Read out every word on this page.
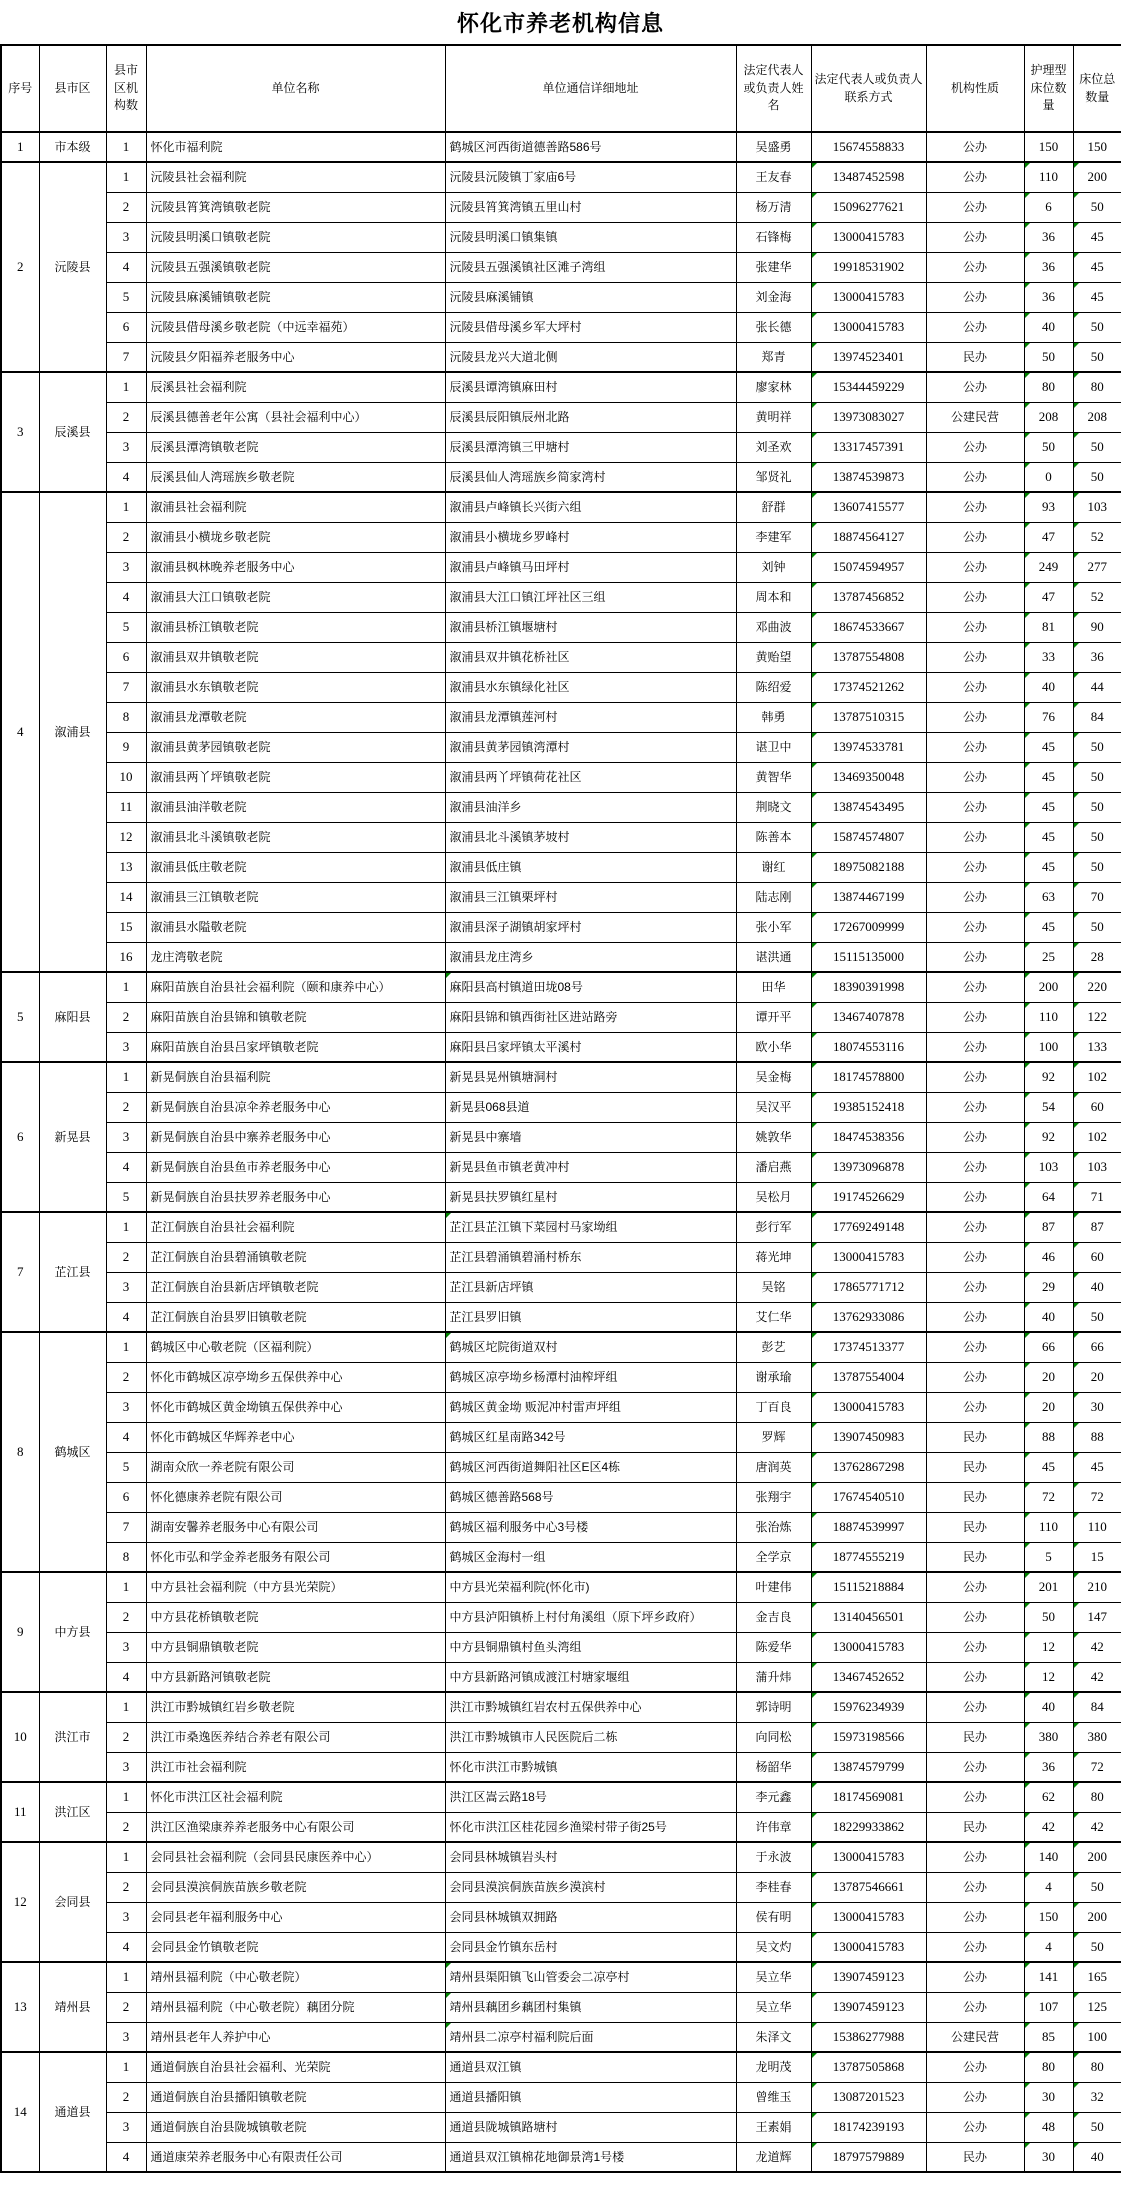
怀化市养老机构信息
序号	县市区	县市区机构数	单位名称	单位通信详细地址	法定代表人或负责人姓名	法定代表人或负责人联系方式	机构性质	护理型床位数量	床位总数量
1	市本级	1	怀化市福利院	鹤城区河西街道德善路586号	吴盛勇	15674558833	公办	150	150
2	沅陵县	1	沅陵县社会福利院	沅陵县沅陵镇丁家庙6号	王友春	13487452598	公办	110	200
		2	沅陵县筲箕湾镇敬老院	沅陵县筲箕湾镇五里山村	杨万清	15096277621	公办	6	50
		3	沅陵县明溪口镇敬老院	沅陵县明溪口镇集镇	石锋梅	13000415783	公办	36	45
		4	沅陵县五强溪镇敬老院	沅陵县五强溪镇社区滩子湾组	张建华	19918531902	公办	36	45
		5	沅陵县麻溪铺镇敬老院	沅陵县麻溪铺镇	刘金海	13000415783	公办	36	45
		6	沅陵县借母溪乡敬老院（中远幸福苑）	沅陵县借母溪乡军大坪村	张长德	13000415783	公办	40	50
		7	沅陵县夕阳福养老服务中心	沅陵县龙兴大道北侧	郑青	13974523401	民办	50	50
3	辰溪县	1	辰溪县社会福利院	辰溪县谭湾镇麻田村	廖家林	15344459229	公办	80	80
		2	辰溪县德善老年公寓（县社会福利中心）	辰溪县辰阳镇辰州北路	黄明祥	13973083027	公建民营	208	208
		3	辰溪县潭湾镇敬老院	辰溪县潭湾镇三甲塘村	刘圣欢	13317457391	公办	50	50
		4	辰溪县仙人湾瑶族乡敬老院	辰溪县仙人湾瑶族乡简家湾村	邹贤礼	13874539873	公办	0	50
4	溆浦县	1	溆浦县社会福利院	溆浦县卢峰镇长兴街六组	舒群	13607415577	公办	93	103
		2	溆浦县小横垅乡敬老院	溆浦县小横垅乡罗峰村	李建军	18874564127	公办	47	52
		3	溆浦县枫林晚养老服务中心	溆浦县卢峰镇马田坪村	刘钟	15074594957	公办	249	277
		4	溆浦县大江口镇敬老院	溆浦县大江口镇江坪社区三组	周本和	13787456852	公办	47	52
		5	溆浦县桥江镇敬老院	溆浦县桥江镇堰塘村	邓曲波	18674533667	公办	81	90
		6	溆浦县双井镇敬老院	溆浦县双井镇花桥社区	黄贻望	13787554808	公办	33	36
		7	溆浦县水东镇敬老院	溆浦县水东镇绿化社区	陈绍爱	17374521262	公办	40	44
		8	溆浦县龙潭敬老院	溆浦县龙潭镇莲河村	韩勇	13787510315	公办	76	84
		9	溆浦县黄茅园镇敬老院	溆浦县黄茅园镇湾潭村	谌卫中	13974533781	公办	45	50
		10	溆浦县两丫坪镇敬老院	溆浦县两丫坪镇荷花社区	黄智华	13469350048	公办	45	50
		11	溆浦县油洋敬老院	溆浦县油洋乡	荆晓文	13874543495	公办	45	50
		12	溆浦县北斗溪镇敬老院	溆浦县北斗溪镇茅坡村	陈善本	15874574807	公办	45	50
		13	溆浦县低庄敬老院	溆浦县低庄镇	谢红	18975082188	公办	45	50
		14	溆浦县三江镇敬老院	溆浦县三江镇栗坪村	陆志刚	13874467199	公办	63	70
		15	溆浦县水隘敬老院	溆浦县深子湖镇胡家坪村	张小军	17267009999	公办	45	50
		16	龙庄湾敬老院	溆浦县龙庄湾乡	谌洪通	15115135000	公办	25	28
5	麻阳县	1	麻阳苗族自治县社会福利院（颐和康养中心）	麻阳县高村镇道田垅08号	田华	18390391998	公办	200	220
		2	麻阳苗族自治县锦和镇敬老院	麻阳县锦和镇西街社区进站路旁	谭开平	13467407878	公办	110	122
		3	麻阳苗族自治县吕家坪镇敬老院	麻阳县吕家坪镇太平溪村	欧小华	18074553116	公办	100	133
6	新晃县	1	新晃侗族自治县福利院	新晃县晃州镇塘洞村	吴金梅	18174578800	公办	92	102
		2	新晃侗族自治县凉伞养老服务中心	新晃县068县道	吴汉平	19385152418	公办	54	60
		3	新晃侗族自治县中寨养老服务中心	新晃县中寨墙	姚敦华	18474538356	公办	92	102
		4	新晃侗族自治县鱼市养老服务中心	新晃县鱼市镇老黄冲村	潘启燕	13973096878	公办	103	103
		5	新晃侗族自治县扶罗养老服务中心	新晃县扶罗镇红星村	吴松月	19174526629	公办	64	71
7	芷江县	1	芷江侗族自治县社会福利院	芷江县芷江镇下菜园村马家坳组	彭行军	17769249148	公办	87	87
		2	芷江侗族自治县碧涌镇敬老院	芷江县碧涌镇碧涌村桥东	蒋光坤	13000415783	公办	46	60
		3	芷江侗族自治县新店坪镇敬老院	芷江县新店坪镇	吴铭	17865771712	公办	29	40
		4	芷江侗族自治县罗旧镇敬老院	芷江县罗旧镇	艾仁华	13762933086	公办	40	50
8	鹤城区	1	鹤城区中心敬老院（区福利院）	鹤城区坨院街道双村	彭艺	17374513377	公办	66	66
		2	怀化市鹤城区凉亭坳乡五保供养中心	鹤城区凉亭坳乡杨潭村油榨坪组	谢承瑜	13787554004	公办	20	20
		3	怀化市鹤城区黄金坳镇五保供养中心	鹤城区黄金坳 贩泥冲村雷声坪组	丁百良	13000415783	公办	20	30
		4	怀化市鹤城区华辉养老中心	鹤城区红星南路342号	罗辉	13907450983	民办	88	88
		5	湖南众欣一养老院有限公司	鹤城区河西街道舞阳社区E区4栋	唐润英	13762867298	民办	45	45
		6	怀化德康养老院有限公司	鹤城区德善路568号	张翔宇	17674540510	民办	72	72
		7	湖南安馨养老服务中心有限公司	鹤城区福利服务中心3号楼	张治炼	18874539997	民办	110	110
		8	怀化市弘和学金养老服务有限公司	鹤城区金海村一组	全学京	18774555219	民办	5	15
9	中方县	1	中方县社会福利院（中方县光荣院）	中方县光荣福利院(怀化市)	叶建伟	15115218884	公办	201	210
		2	中方县花桥镇敬老院	中方县泸阳镇桥上村付角溪组（原下坪乡政府）	金吉良	13140456501	公办	50	147
		3	中方县铜鼎镇敬老院	中方县铜鼎镇村鱼头湾组	陈爱华	13000415783	公办	12	42
		4	中方县新路河镇敬老院	中方县新路河镇成渡江村塘家堰组	蒲升炜	13467452652	公办	12	42
10	洪江市	1	洪江市黔城镇红岩乡敬老院	洪江市黔城镇红岩农村五保供养中心	郭诗明	15976234939	公办	40	84
		2	洪江市桑逸医养结合养老有限公司	洪江市黔城镇市人民医院后二栋	向同松	15973198566	民办	380	380
		3	洪江市社会福利院	怀化市洪江市黔城镇	杨韶华	13874579799	公办	36	72
11	洪江区	1	怀化市洪江区社会福利院	洪江区嵩云路18号	李元鑫	18174569081	公办	62	80
		2	洪江区渔梁康养养老服务中心有限公司	怀化市洪江区桂花园乡渔梁村带子街25号	许伟章	18229933862	民办	42	42
12	会同县	1	会同县社会福利院（会同县民康医养中心）	会同县林城镇岩头村	于永波	13000415783	公办	140	200
		2	会同县漠滨侗族苗族乡敬老院	会同县漠滨侗族苗族乡漠滨村	李桂春	13787546661	公办	4	50
		3	会同县老年福利服务中心	会同县林城镇双拥路	侯有明	13000415783	公办	150	200
		4	会同县金竹镇敬老院	会同县金竹镇东岳村	吴文灼	13000415783	公办	4	50
13	靖州县	1	靖州县福利院（中心敬老院）	靖州县渠阳镇飞山管委会二凉亭村	吴立华	13907459123	公办	141	165
		2	靖州县福利院（中心敬老院）藕团分院	靖州县藕团乡藕团村集镇	吴立华	13907459123	公办	107	125
		3	靖州县老年人养护中心	靖州县二凉亭村福利院后面	朱泽文	15386277988	公建民营	85	100
14	通道县	1	通道侗族自治县社会福利、光荣院	通道县双江镇	龙明茂	13787505868	公办	80	80
		2	通道侗族自治县播阳镇敬老院	通道县播阳镇	曾维玉	13087201523	公办	30	32
		3	通道侗族自治县陇城镇敬老院	通道县陇城镇路塘村	王素娟	18174239193	公办	48	50
		4	通道康荣养老服务中心有限责任公司	通道县双江镇棉花地御景湾1号楼	龙道辉	18797579889	民办	30	40
